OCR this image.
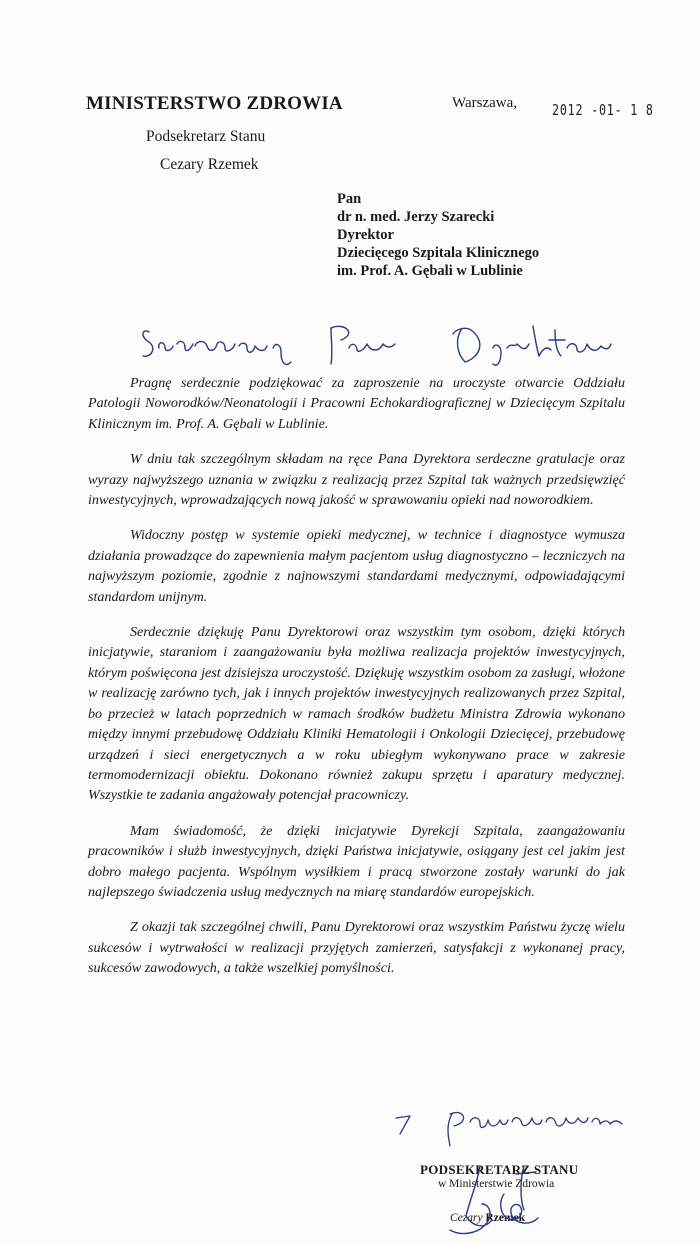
MINISTERSTWO ZDROWIA
Podsekretarz Stanu
Cezary Rzemek
Warszawa, 2012 -01- 1 8
Pan
dr n. med. Jerzy Szarecki
Dyrektor
Dziecięcego Szpitala Klinicznego
im. Prof. A. Gębali w Lublinie

Pragnę serdecznie podziękować za zaproszenie na uroczyste otwarcie Oddziału Patologii Noworodków/Neonatologii i Pracowni Echokardiograficznej w Dziecięcym Szpitalu Klinicznym im. Prof. A. Gębali w Lublinie.

W dniu tak szczególnym składam na ręce Pana Dyrektora serdeczne gratulacje oraz wyrazy najwyższego uznania w związku z realizacją przez Szpital tak ważnych przedsięwzięć inwestycyjnych, wprowadzających nową jakość w sprawowaniu opieki nad noworodkiem.

Widoczny postęp w systemie opieki medycznej, w technice i diagnostyce wymusza działania prowadzące do zapewnienia małym pacjentom usług diagnostyczno – leczniczych na najwyższym poziomie, zgodnie z najnowszymi standardami medycznymi, odpowiadającymi standardom unijnym.

Serdecznie dziękuję Panu Dyrektorowi oraz wszystkim tym osobom, dzięki których inicjatywie, staraniom i zaangażowaniu była możliwa realizacja projektów inwestycyjnych, którym poświęcona jest dzisiejsza uroczystość. Dziękuję wszystkim osobom za zasługi, włożone w realizację zarówno tych, jak i innych projektów inwestycyjnych realizowanych przez Szpital, bo przecież w latach poprzednich w ramach środków budżetu Ministra Zdrowia wykonano między innymi przebudowę Oddziału Kliniki Hematologii i Onkologii Dziecięcej, przebudowę urządzeń i sieci energetycznych a w roku ubiegłym wykonywano prace w zakresie termomodernizacji obiektu. Dokonano również zakupu sprzętu i aparatury medycznej. Wszystkie te zadania angażowały potencjał pracowniczy.

Mam świadomość, że dzięki inicjatywie Dyrekcji Szpitala, zaangażowaniu pracowników i służb inwestycyjnych, dzięki Państwa inicjatywie, osiągany jest cel jakim jest dobro małego pacjenta. Wspólnym wysiłkiem i pracą stworzone zostały warunki do jak najlepszego świadczenia usług medycznych na miarę standardów europejskich.

Z okazji tak szczególnej chwili, Panu Dyrektorowi oraz wszystkim Państwu życzę wielu sukcesów i wytrwałości w realizacji przyjętych zamierzeń, satysfakcji z wykonanej pracy, sukcesów zawodowych, a także wszelkiej pomyślności.

PODSEKRETARZ STANU
w Ministerstwie Zdrowia
Cezary Rzemek
